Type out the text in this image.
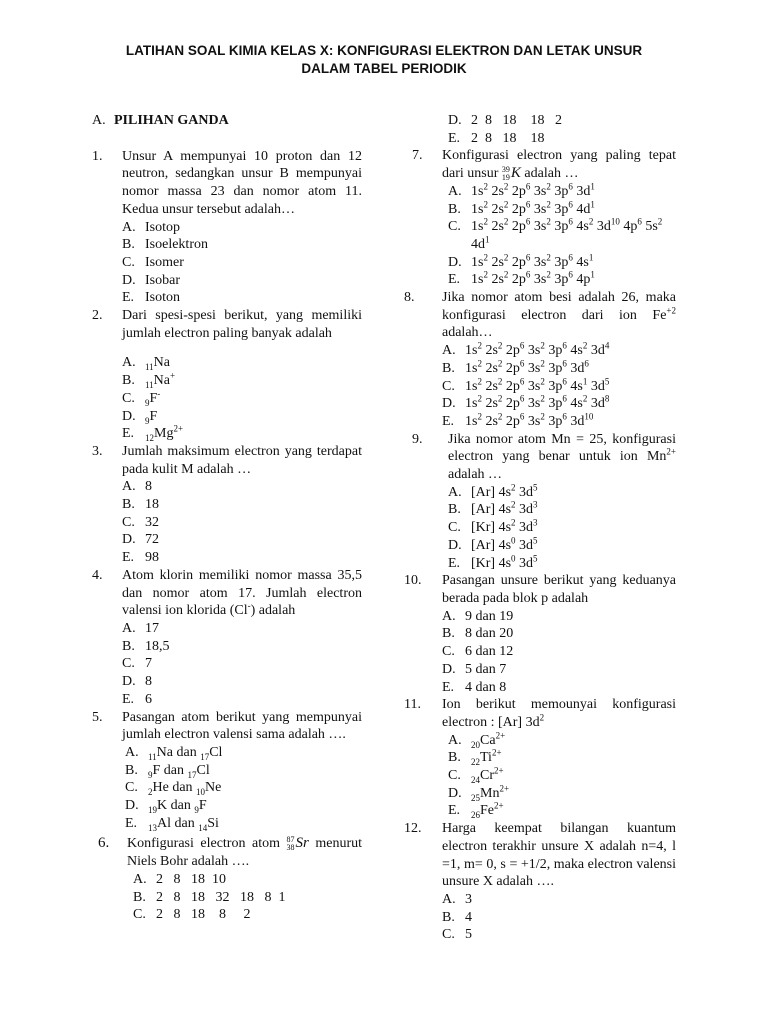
LATIHAN SOAL KIMIA KELAS X: KONFIGURASI ELEKTRON DAN LETAK UNSUR
DALAM TABEL PERIODIK
A. PILIHAN GANDA
1.	Unsur A mempunyai 10 proton dan 12 neutron, sedangkan unsur B mempunyai nomor massa 23 dan nomor atom 11. Kedua unsur tersebut adalah…
A. Isotop
B. Isoelektron
C. Isomer
D. Isobar
E. Isoton
2.	Dari spesi-spesi berikut, yang memiliki jumlah electron paling banyak adalah
A.	$_{11}$Na
B.	$_{11}$Na+
C.	$_9$F-
D.	$_9$F
E.	$_{12}Mg^{2+}$
3.	Jumlah maksimum electron yang terdapat pada kulit M adalah …
A. 8
B. 18
C. 32
D. 72
E. 98
4.	Atom klorin memiliki nomor massa 35,5 dan nomor atom 17. Jumlah electron valensi ion klorida (Cl-) adalah
A. 17
B. 18,5
C. 7
D. 8
E. 6
5.	Pasangan atom berikut yang mempunyai jumlah electron valensi sama adalah ….
A.	$_{11}$Na dan $_{17}$Cl
B.	$_9$F dan $_{17}$Cl
C.	$_2$He dan $_{10}$Ne
D.	$_{19}$K dan $_9$F
E.	$_{13}$Al dan $_{14}$Si
6.	Konfigurasi electron atom 87
38 Sr menurut Niels Bohr adalah ….
A. 2   8   18  10
B. 2   8   18   32   18   8  1
C. 2   8   18    8     2
D. 2  8   18    18   2
E. 2  8   18    18
7.	Konfigurasi electron yang paling tepat dari unsur 39
19 K adalah …
A. $1s^2$ $2s^2$ $2p^6$ $3s^2$ $3p^6$ $3d^1$
B. $1s^2$ $2s^2$ $2p^6$ $3s^2$ $3p^6$ $4d^1$
C. $1s^2$ $2s^2$ $2p^6$ $3s^2$ $3p^6$ $4s^2$ $3d^{10}$ $4p^6$ $5s^2$ $4d^1$
D. $1s^2$ $2s^2$ $2p^6$ $3s^2$ $3p^6$ $4s^1$
E. $1s^2$ $2s^2$ $2p^6$ $3s^2$ $3p^6$ $4p^1$
8.	Jika nomor atom besi adalah 26, maka konfigurasi electron dari ion $Fe^{+2}$ adalah…
A. $1s^2$ $2s^2$ $2p^6$ $3s^2$ $3p^6$ $4s^2$ $3d^4$
B. $1s^2$ $2s^2$ $2p^6$ $3s^2$ $3p^6$ $3d^6$
C. $1s^2$ $2s^2$ $2p^6$ $3s^2$ $3p^6$ $4s^1$ $3d^5$
D. $1s^2$ $2s^2$ $2p^6$ $3s^2$ $3p^6$ $4s^2$ $3d^8$
E. $1s^2$ $2s^2$ $2p^6$ $3s^2$ $3p^6$ $3d^{10}$
9.	Jika nomor atom Mn = 25, konfigurasi electron yang benar untuk ion $Mn^{2+}$ adalah …
A. [Ar] $4s^2$ $3d^5$
B. [Ar] $4s^2$ $3d^3$
C. [Kr] $4s^2$ $3d^3$
D. [Ar] $4s^0$ $3d^5$
E. [Kr] $4s^0$ $3d^5$
10.	Pasangan unsure berikut yang keduanya berada pada blok p adalah
A. 9 dan 19
B. 8 dan 20
C. 6 dan 12
D. 5 dan 7
E. 4 dan 8
11.	Ion berikut memounyai konfigurasi electron : [Ar] $3d^2$
A.	$_{20}Ca^{2+}$
B.	$_{22}Ti^{2+}$
C.	$_{24}Cr^{2+}$
D.	$_{25}Mn^{2+}$
E.	$_{26}Fe^{2+}$
12.	Harga keempat bilangan kuantum electron terakhir unsure X adalah n=4, l =1, m= 0, s = +1/2, maka electron valensi unsure X adalah ….
A. 3
B. 4
C. 5
